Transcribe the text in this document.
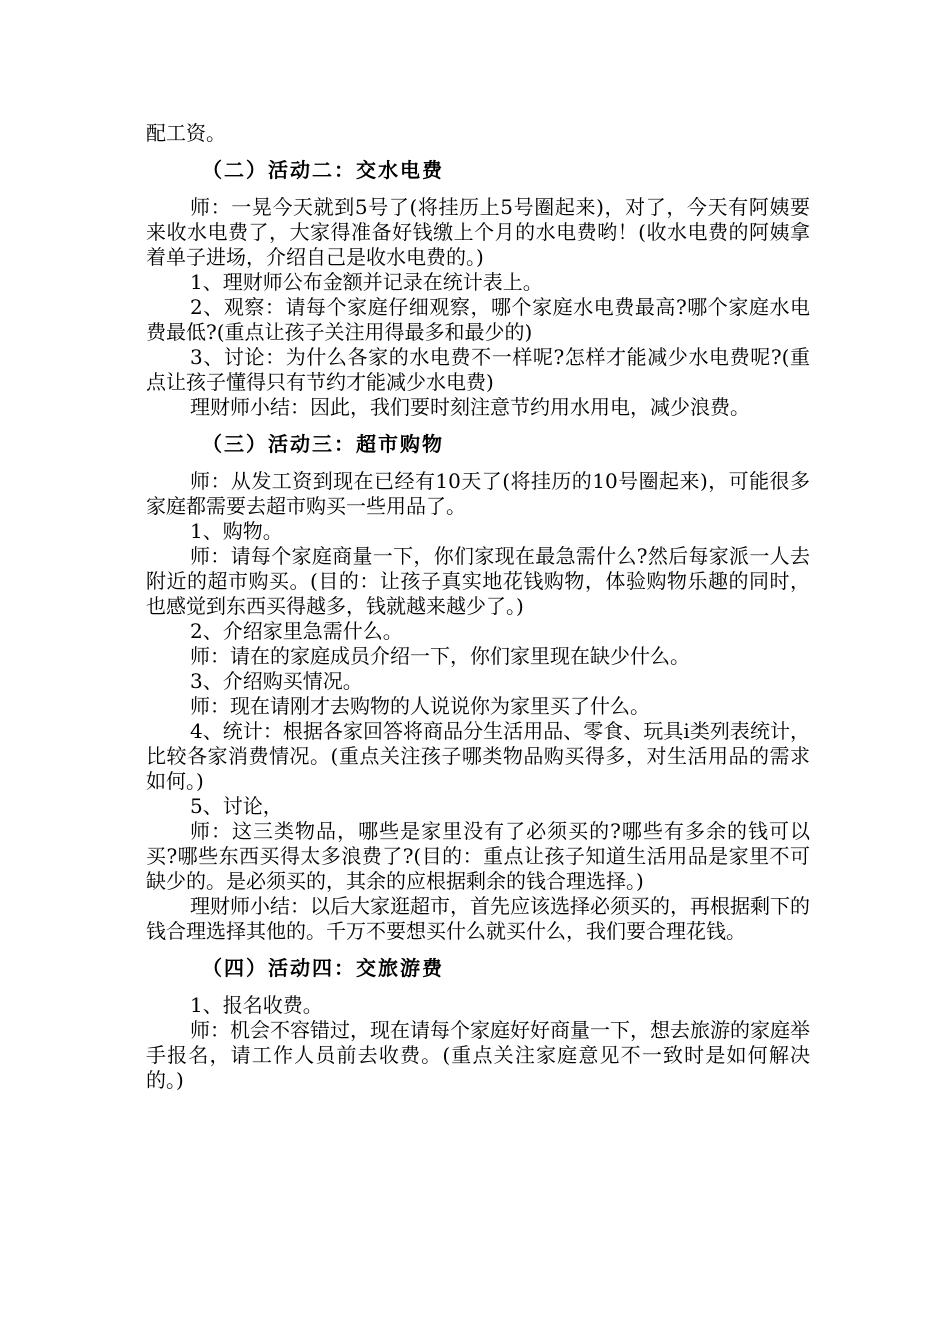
配工资。

（二）活动二：交水电费

师：一晃今天就到5号了(将挂历上5号圈起来)，对了，今天有阿姨要来收水电费了，大家得准备好钱缴上个月的水电费哟！(收水电费的阿姨拿着单子进场，介绍自己是收水电费的。)

1、理财师公布金额并记录在统计表上。

2、观察：请每个家庭仔细观察，哪个家庭水电费最高?哪个家庭水电费最低?(重点让孩子关注用得最多和最少的)

3、讨论：为什么各家的水电费不一样呢?怎样才能减少水电费呢?(重点让孩子懂得只有节约才能减少水电费)

理财师小结：因此，我们要时刻注意节约用水用电，减少浪费。

（三）活动三：超市购物

师：从发工资到现在已经有10天了(将挂历的10号圈起来)，可能很多家庭都需要去超市购买一些用品了。

1、购物。

师：请每个家庭商量一下，你们家现在最急需什么?然后每家派一人去附近的超市购买。(目的：让孩子真实地花钱购物，体验购物乐趣的同时，也感觉到东西买得越多，钱就越来越少了。)

2、介绍家里急需什么。

师：请在的家庭成员介绍一下，你们家里现在缺少什么。

3、介绍购买情况。

师：现在请刚才去购物的人说说你为家里买了什么。

4、统计：根据各家回答将商品分生活用品、零食、玩具i类列表统计，比较各家消费情况。(重点关注孩子哪类物品购买得多，对生活用品的需求如何。)

5、讨论，

师：这三类物品，哪些是家里没有了必须买的?哪些有多余的钱可以买?哪些东西买得太多浪费了?(目的：重点让孩子知道生活用品是家里不可缺少的。是必须买的，其余的应根据剩余的钱合理选择。)

理财师小结：以后大家逛超市，首先应该选择必须买的，再根据剩下的钱合理选择其他的。千万不要想买什么就买什么，我们要合理花钱。

（四）活动四：交旅游费

1、报名收费。

师：机会不容错过，现在请每个家庭好好商量一下，想去旅游的家庭举手报名，请工作人员前去收费。(重点关注家庭意见不一致时是如何解决的。)
